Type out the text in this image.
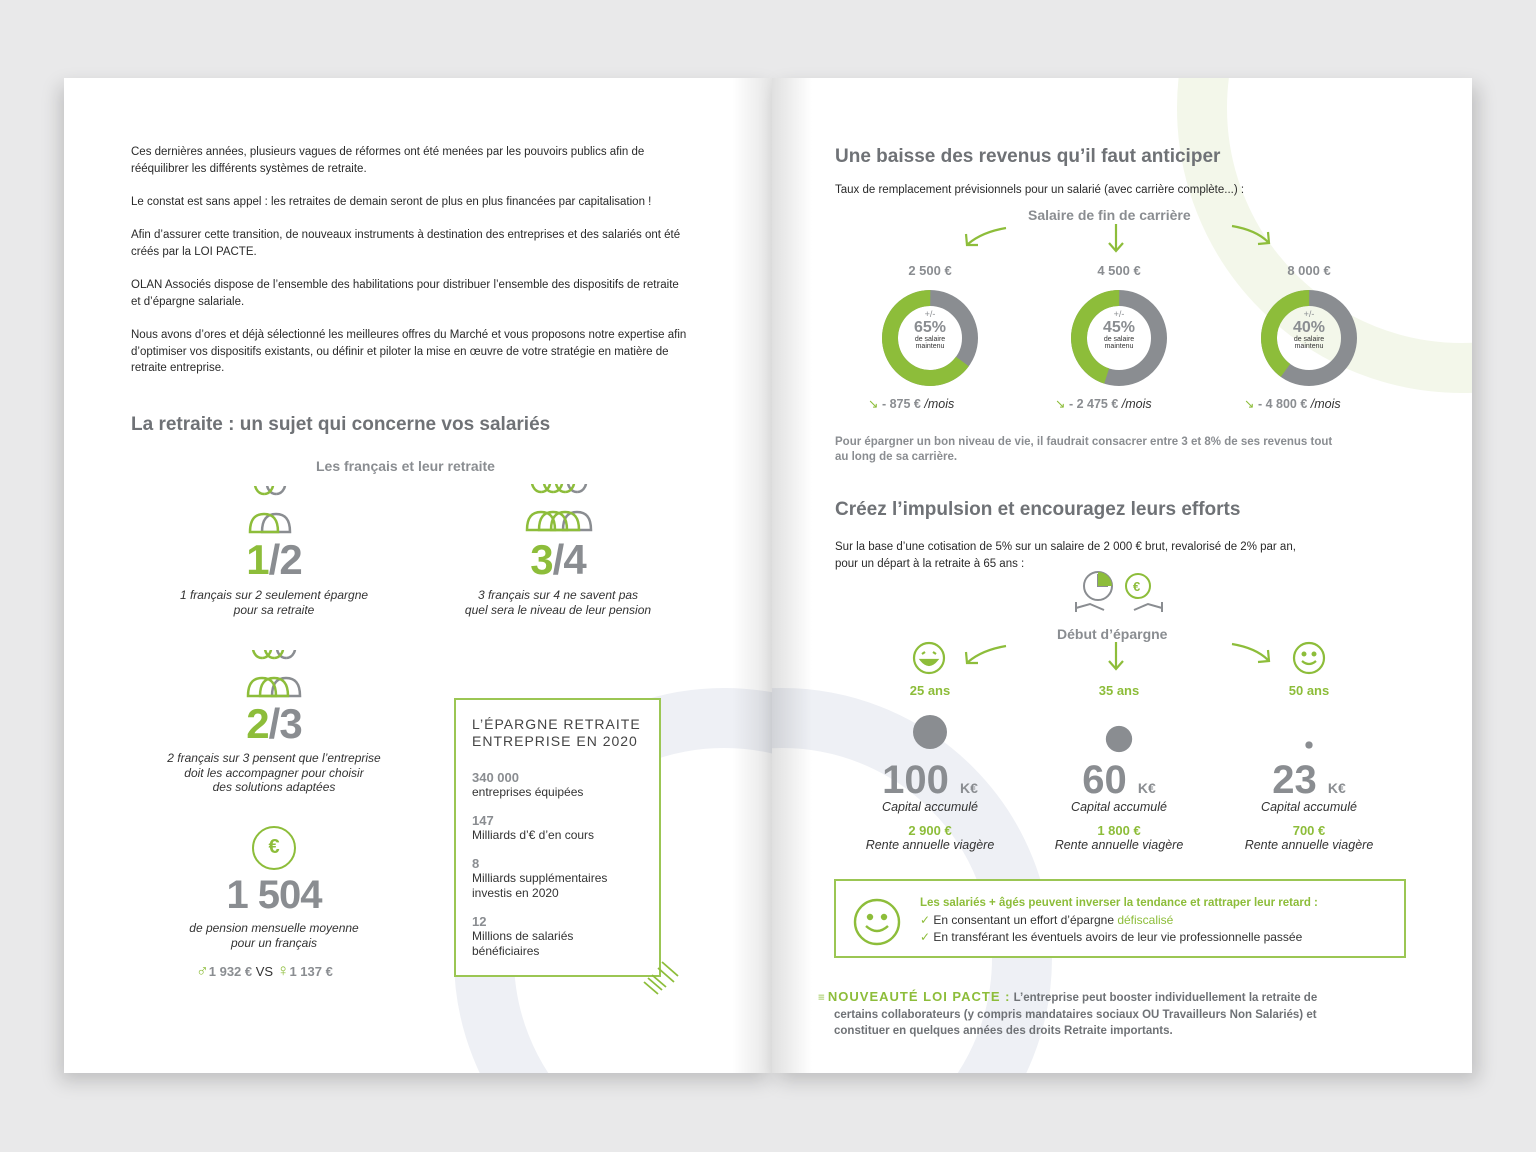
Ces dernières années, plusieurs vagues de réformes ont été menées par les pouvoirs publics afin de rééquilibrer les différents systèmes de retraite.
Le constat est sans appel : les retraites de demain seront de plus en plus financées par capitalisation !
Afin d’assurer cette transition, de nouveaux instruments à destination des entreprises et des salariés ont été créés par la LOI PACTE.
OLAN Associés dispose de l’ensemble des habilitations pour distribuer l’ensemble des dispositifs de retraite et d’épargne salariale.
Nous avons d’ores et déjà sélectionné les meilleures offres du Marché et vous proposons notre expertise afin d’optimiser vos dispositifs existants, ou définir et piloter la mise en œuvre de votre stratégie en matière de retraite entreprise.
La retraite : un sujet qui concerne vos salariés
Les français et leur retraite
1/2
1 français sur 2 seulement épargne
pour sa retraite
3/4
3 français sur 4 ne savent pas
quel sera le niveau de leur pension
2/3
2 français sur 3 pensent que l’entreprise
doit les accompagner pour choisir
des solutions adaptées
€
1 504
de pension mensuelle moyenne
pour un français
♂1 932 € VS ♀1 137 €
L’ÉPARGNE RETRAITE
ENTREPRISE EN 2020
340 000
entreprises équipées
147
Milliards d’€ d’en cours
8
Milliards supplémentaires
investis en 2020
12
Millions de salariés
bénéficiaires
Une baisse des revenus qu’il faut anticiper
Taux de remplacement prévisionnels pour un salarié (avec carrière complète...) :
Salaire de fin de carrière
2 500 €	4 500 €	8 000 €
+/-
65%
de salaire
maintenu
+/-
45%
de salaire
maintenu
+/-
40%
de salaire
maintenu
↘ - 875 € /mois	↘ - 2 475 € /mois	↘ - 4 800 € /mois
Pour épargner un bon niveau de vie, il faudrait consacrer entre 3 et 8% de ses revenus tout
au long de sa carrière.
Créez l’impulsion et encouragez leurs efforts
Sur la base d’une cotisation de 5% sur un salaire de 2 000 € brut, revalorisé de 2% par an,
pour un départ à la retraite à 65 ans :
€
Début d’épargne
25 ans	35 ans	50 ans
100 K€	60 K€	23 K€
Capital accumulé	Capital accumulé	Capital accumulé
2 900 €	1 800 €	700 €
Rente annuelle viagère	Rente annuelle viagère	Rente annuelle viagère
Les salariés + âgés peuvent inverser la tendance et rattraper leur retard :
✓ En consentant un effort d’épargne défiscalisé
✓ En transférant les éventuels avoirs de leur vie professionnelle passée
≡ NOUVEAUTÉ LOI PACTE : L’entreprise peut booster individuellement la retraite de
certains collaborateurs (y compris mandataires sociaux OU Travailleurs Non Salariés) et
constituer en quelques années des droits Retraite importants.
